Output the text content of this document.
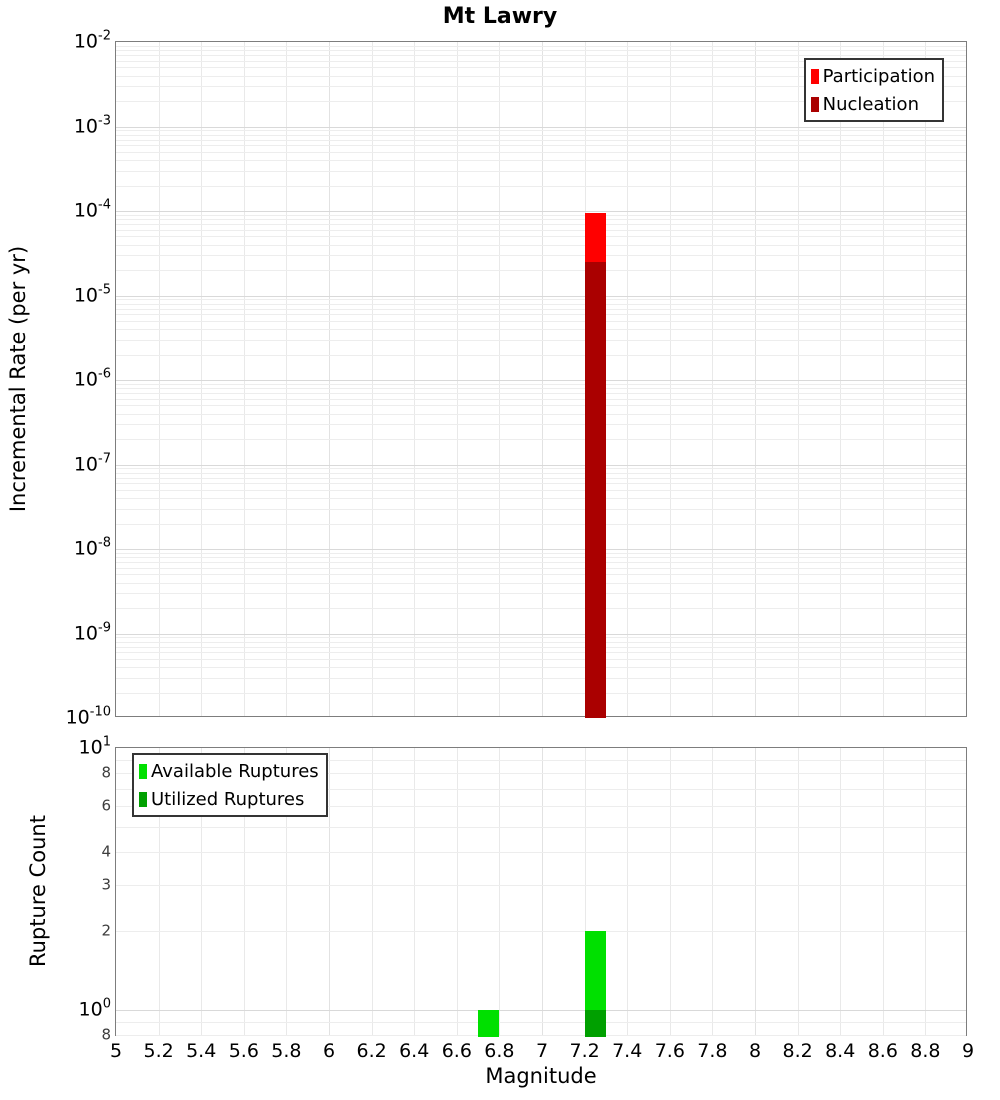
Mt Lawry
Incremental Rate (per yr)
Rupture Count
$10^{-2}$
$10^{-3}$
$10^{-4}$
$10^{-5}$
$10^{-6}$
$10^{-7}$
$10^{-8}$
$10^{-9}$
$10^{-10}$
Participation
Nucleation
$10^1$
8
6
4
3
2
$10^0$
8
5 5.2 5.4 5.6 5.8 6 6.2 6.4 6.6 6.8 7 7.2 7.4 7.6 7.8 8 8.2 8.4 8.6 8.8 9
Available Ruptures
Utilized Ruptures
Magnitude
